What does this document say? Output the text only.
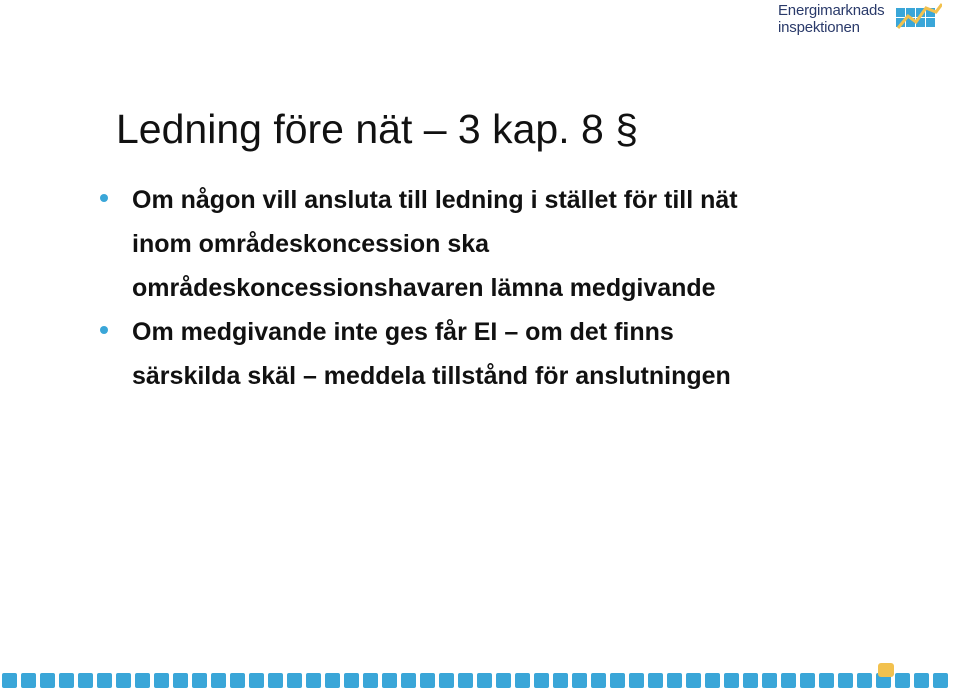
Energimarknads
inspektionen
Ledning före nät – 3 kap. 8 §
Om någon vill ansluta till ledning i stället för till nät
inom områdeskoncession ska
områdeskoncessionshavaren lämna medgivande
Om medgivande inte ges får EI – om det finns
särskilda skäl – meddela tillstånd för anslutningen
